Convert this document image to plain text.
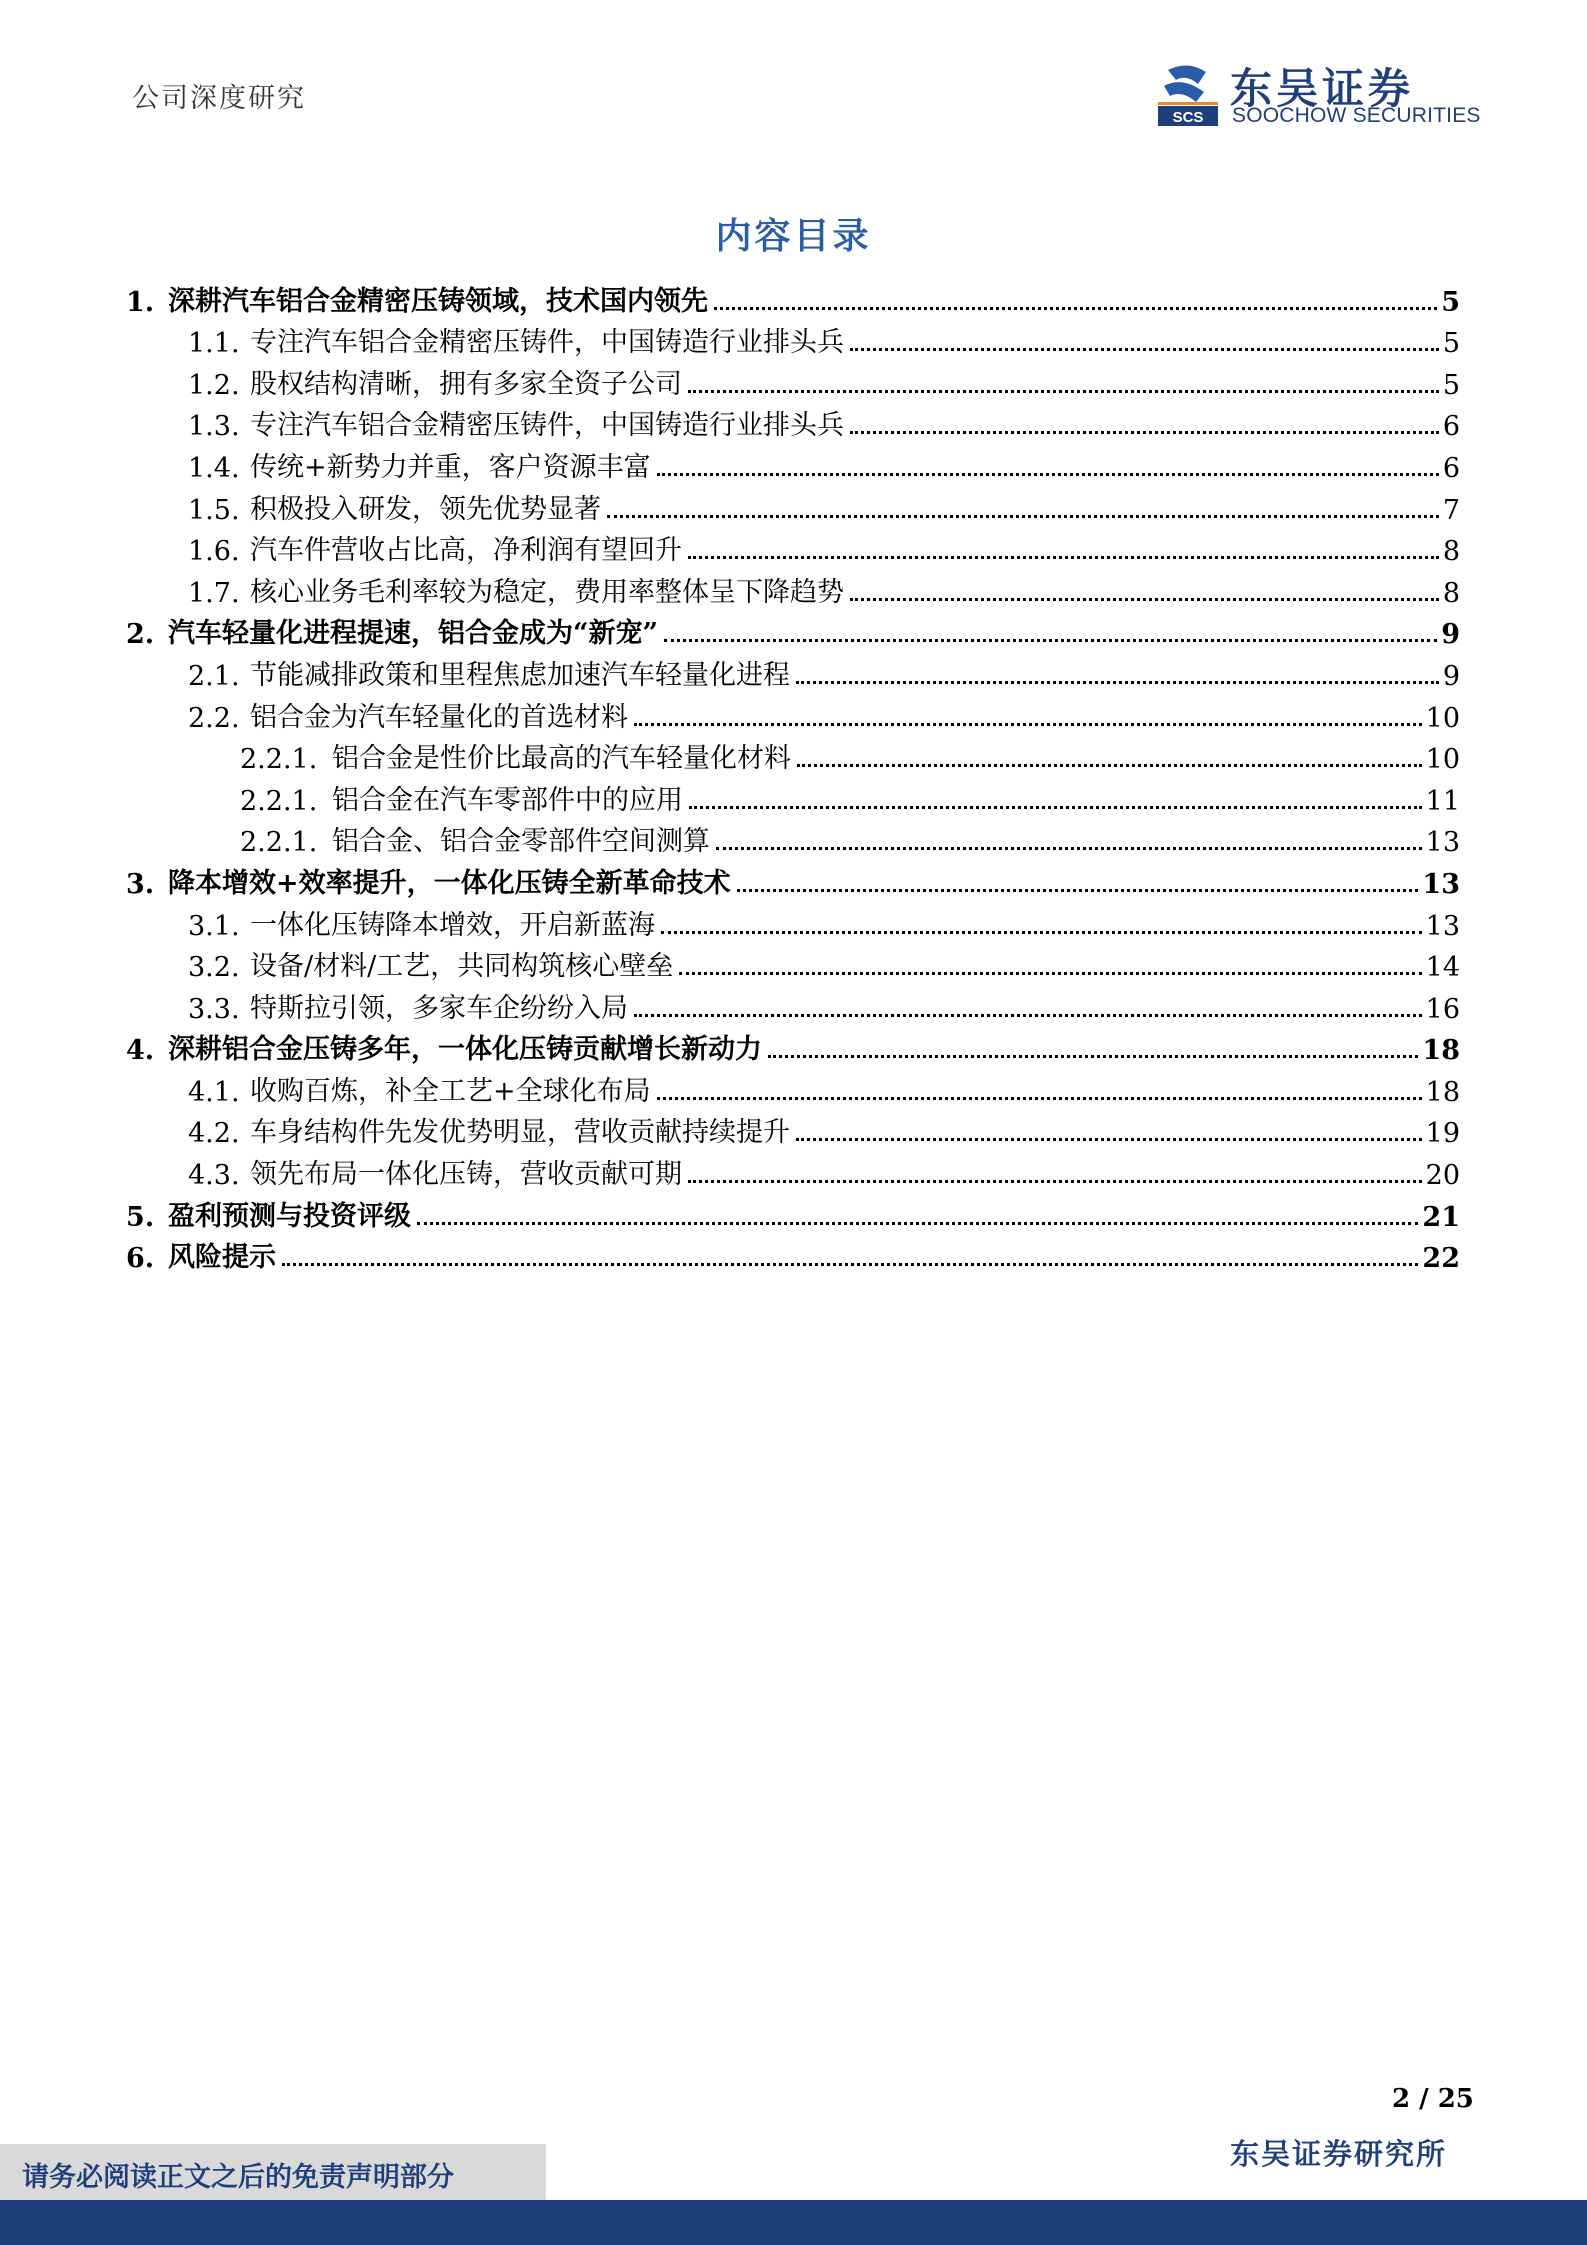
公司深度研究
SCS
东吴证券
SOOCHOW SECURITIES
内容目录
1. 深耕汽车铝合金精密压铸领域，技术国内领先	5
1.1. 专注汽车铝合金精密压铸件，中国铸造行业排头兵	5
1.2. 股权结构清晰，拥有多家全资子公司	5
1.3. 专注汽车铝合金精密压铸件，中国铸造行业排头兵	6
1.4. 传统+新势力并重，客户资源丰富	6
1.5. 积极投入研发，领先优势显著	7
1.6. 汽车件营收占比高，净利润有望回升	8
1.7. 核心业务毛利率较为稳定，费用率整体呈下降趋势	8
2. 汽车轻量化进程提速，铝合金成为“新宠”	9
2.1. 节能减排政策和里程焦虑加速汽车轻量化进程	9
2.2. 铝合金为汽车轻量化的首选材料	10
2.2.1. 铝合金是性价比最高的汽车轻量化材料	10
2.2.1. 铝合金在汽车零部件中的应用	11
2.2.1. 铝合金、铝合金零部件空间测算	13
3. 降本增效+效率提升，一体化压铸全新革命技术	13
3.1. 一体化压铸降本增效，开启新蓝海	13
3.2. 设备/材料/工艺，共同构筑核心壁垒	14
3.3. 特斯拉引领，多家车企纷纷入局	16
4. 深耕铝合金压铸多年，一体化压铸贡献增长新动力	18
4.1. 收购百炼，补全工艺+全球化布局	18
4.2. 车身结构件先发优势明显，营收贡献持续提升	19
4.3. 领先布局一体化压铸，营收贡献可期	20
5. 盈利预测与投资评级	21
6. 风险提示	22
2 / 25
请务必阅读正文之后的免责声明部分
东吴证券研究所
